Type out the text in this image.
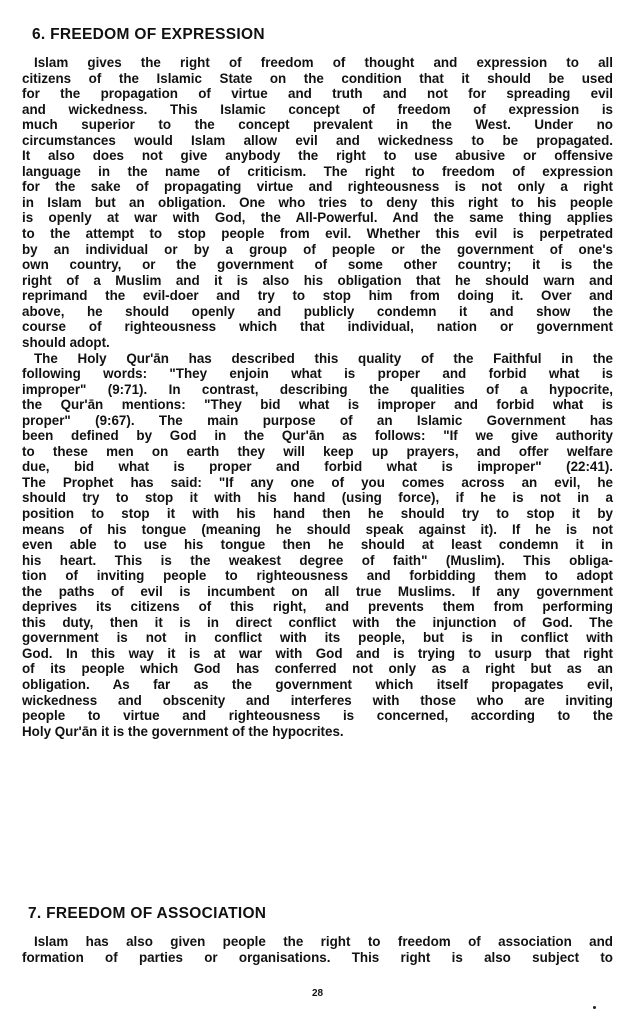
6. FREEDOM OF EXPRESSION
Islam gives the right of freedom of thought and expression to all
citizens of the Islamic State on the condition that it should be used
for the propagation of virtue and truth and not for spreading evil
and wickedness. This Islamic concept of freedom of expression is
much superior to the concept prevalent in the West. Under no
circumstances would Islam allow evil and wickedness to be propagated.
It also does not give anybody the right to use abusive or offensive
language in the name of criticism. The right to freedom of expression
for the sake of propagating virtue and righteousness is not only a right
in Islam but an obligation. One who tries to deny this right to his people
is openly at war with God, the All-Powerful. And the same thing applies
to the attempt to stop people from evil. Whether this evil is perpetrated
by an individual or by a group of people or the government of one's
own country, or the government of some other country; it is the
right of a Muslim and it is also his obligation that he should warn and
reprimand the evil-doer and try to stop him from doing it. Over and
above, he should openly and publicly condemn it and show the
course of righteousness which that individual, nation or government
should adopt.
The Holy Qur'ān has described this quality of the Faithful in the
following words: "They enjoin what is proper and forbid what is
improper" (9:71). In contrast, describing the qualities of a hypocrite,
the Qur'ān mentions: "They bid what is improper and forbid what is
proper" (9:67). The main purpose of an Islamic Government has
been defined by God in the Qur'ān as follows: "If we give authority
to these men on earth they will keep up prayers, and offer welfare
due, bid what is proper and forbid what is improper" (22:41).
The Prophet has said: "If any one of you comes across an evil, he
should try to stop it with his hand (using force), if he is not in a
position to stop it with his hand then he should try to stop it by
means of his tongue (meaning he should speak against it). If he is not
even able to use his tongue then he should at least condemn it in
his heart. This is the weakest degree of faith" (Muslim). This obliga-
tion of inviting people to righteousness and forbidding them to adopt
the paths of evil is incumbent on all true Muslims. If any government
deprives its citizens of this right, and prevents them from performing
this duty, then it is in direct conflict with the injunction of God. The
government is not in conflict with its people, but is in conflict with
God. In this way it is at war with God and is trying to usurp that right
of its people which God has conferred not only as a right but as an
obligation. As far as the government which itself propagates evil,
wickedness and obscenity and interferes with those who are inviting
people to virtue and righteousness is concerned, according to the
Holy Qur'ān it is the government of the hypocrites.
7. FREEDOM OF ASSOCIATION
Islam has also given people the right to freedom of association and
formation of parties or organisations. This right is also subject to
28
